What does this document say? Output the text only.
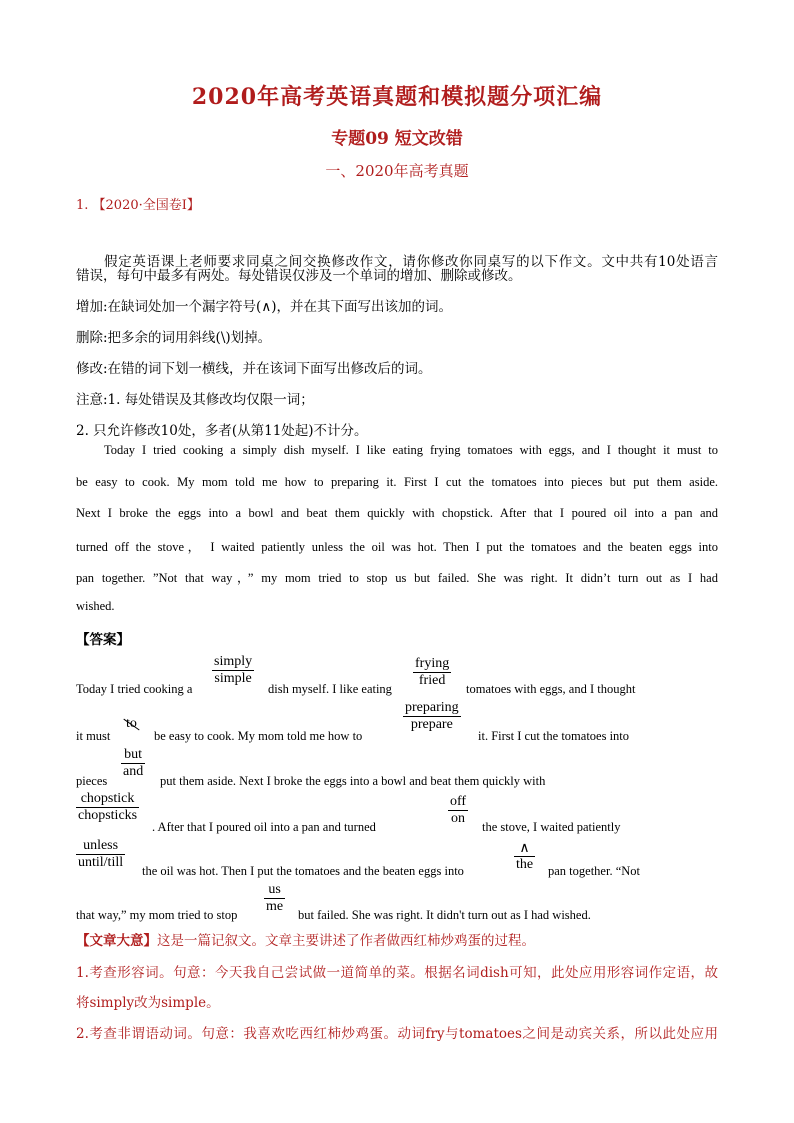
2020年高考英语真题和模拟题分项汇编
专题09 短文改错
一、2020年高考真题
1. 【2020·全国卷I】
假定英语课上老师要求同桌之间交换修改作文，请你修改你同桌写的以下作文。文中共有10处语言
错误，每句中最多有两处。每处错误仅涉及一个单词的增加、删除或修改。
增加:在缺词处加一个漏字符号(∧)，并在其下面写出该加的词。
删除:把多余的词用斜线(\)划掉。
修改:在错的词下划一横线，并在该词下面写出修改后的词。
注意:1. 每处错误及其修改均仅限一词；
2. 只允许修改10处，多者(从第11处起)不计分。
Today I tried cooking a simply dish myself. I like eating frying tomatoes with eggs, and I thought it must to
be easy to cook. My mom told me how to preparing it. First I cut the tomatoes into pieces but put them aside.
Next I broke the eggs into a bowl and beat them quickly with chopstick. After that I poured oil into a pan and
turned off the stove， I waited patiently unless the oil was hot. Then I put the tomatoes and the beaten eggs into
pan together. ”Not that way，” my mom tried to stop us but failed. She was right. It didn’t turn out as I had
wished.
【答案】
Today I tried cooking a
simply
simple
dish myself. I like eating
frying
fried
tomatoes with eggs, and I thought
it must
to
be easy to cook. My mom told me how to
preparing
prepare
it. First I cut the tomatoes into
pieces
but
and
put them aside. Next I broke the eggs into a bowl and beat them quickly with
chopstick
chopsticks
. After that I poured oil into a pan and turned
off
on
the stove, I waited patiently
unless
until/till
the oil was hot. Then I put the tomatoes and the beaten eggs into
∧
the pan together. “Not
that way,” my mom tried to stop
us
me
but failed. She was right. It didn't turn out as I had wished.
【文章大意】这是一篇记叙文。文章主要讲述了作者做西红柿炒鸡蛋的过程。
1.考查形容词。句意：今天我自己尝试做一道简单的菜。根据名词dish可知，此处应用形容词作定语，故
将simply改为simple。
2.考查非谓语动词。句意：我喜欢吃西红柿炒鸡蛋。动词fry与tomatoes之间是动宾关系，所以此处应用
